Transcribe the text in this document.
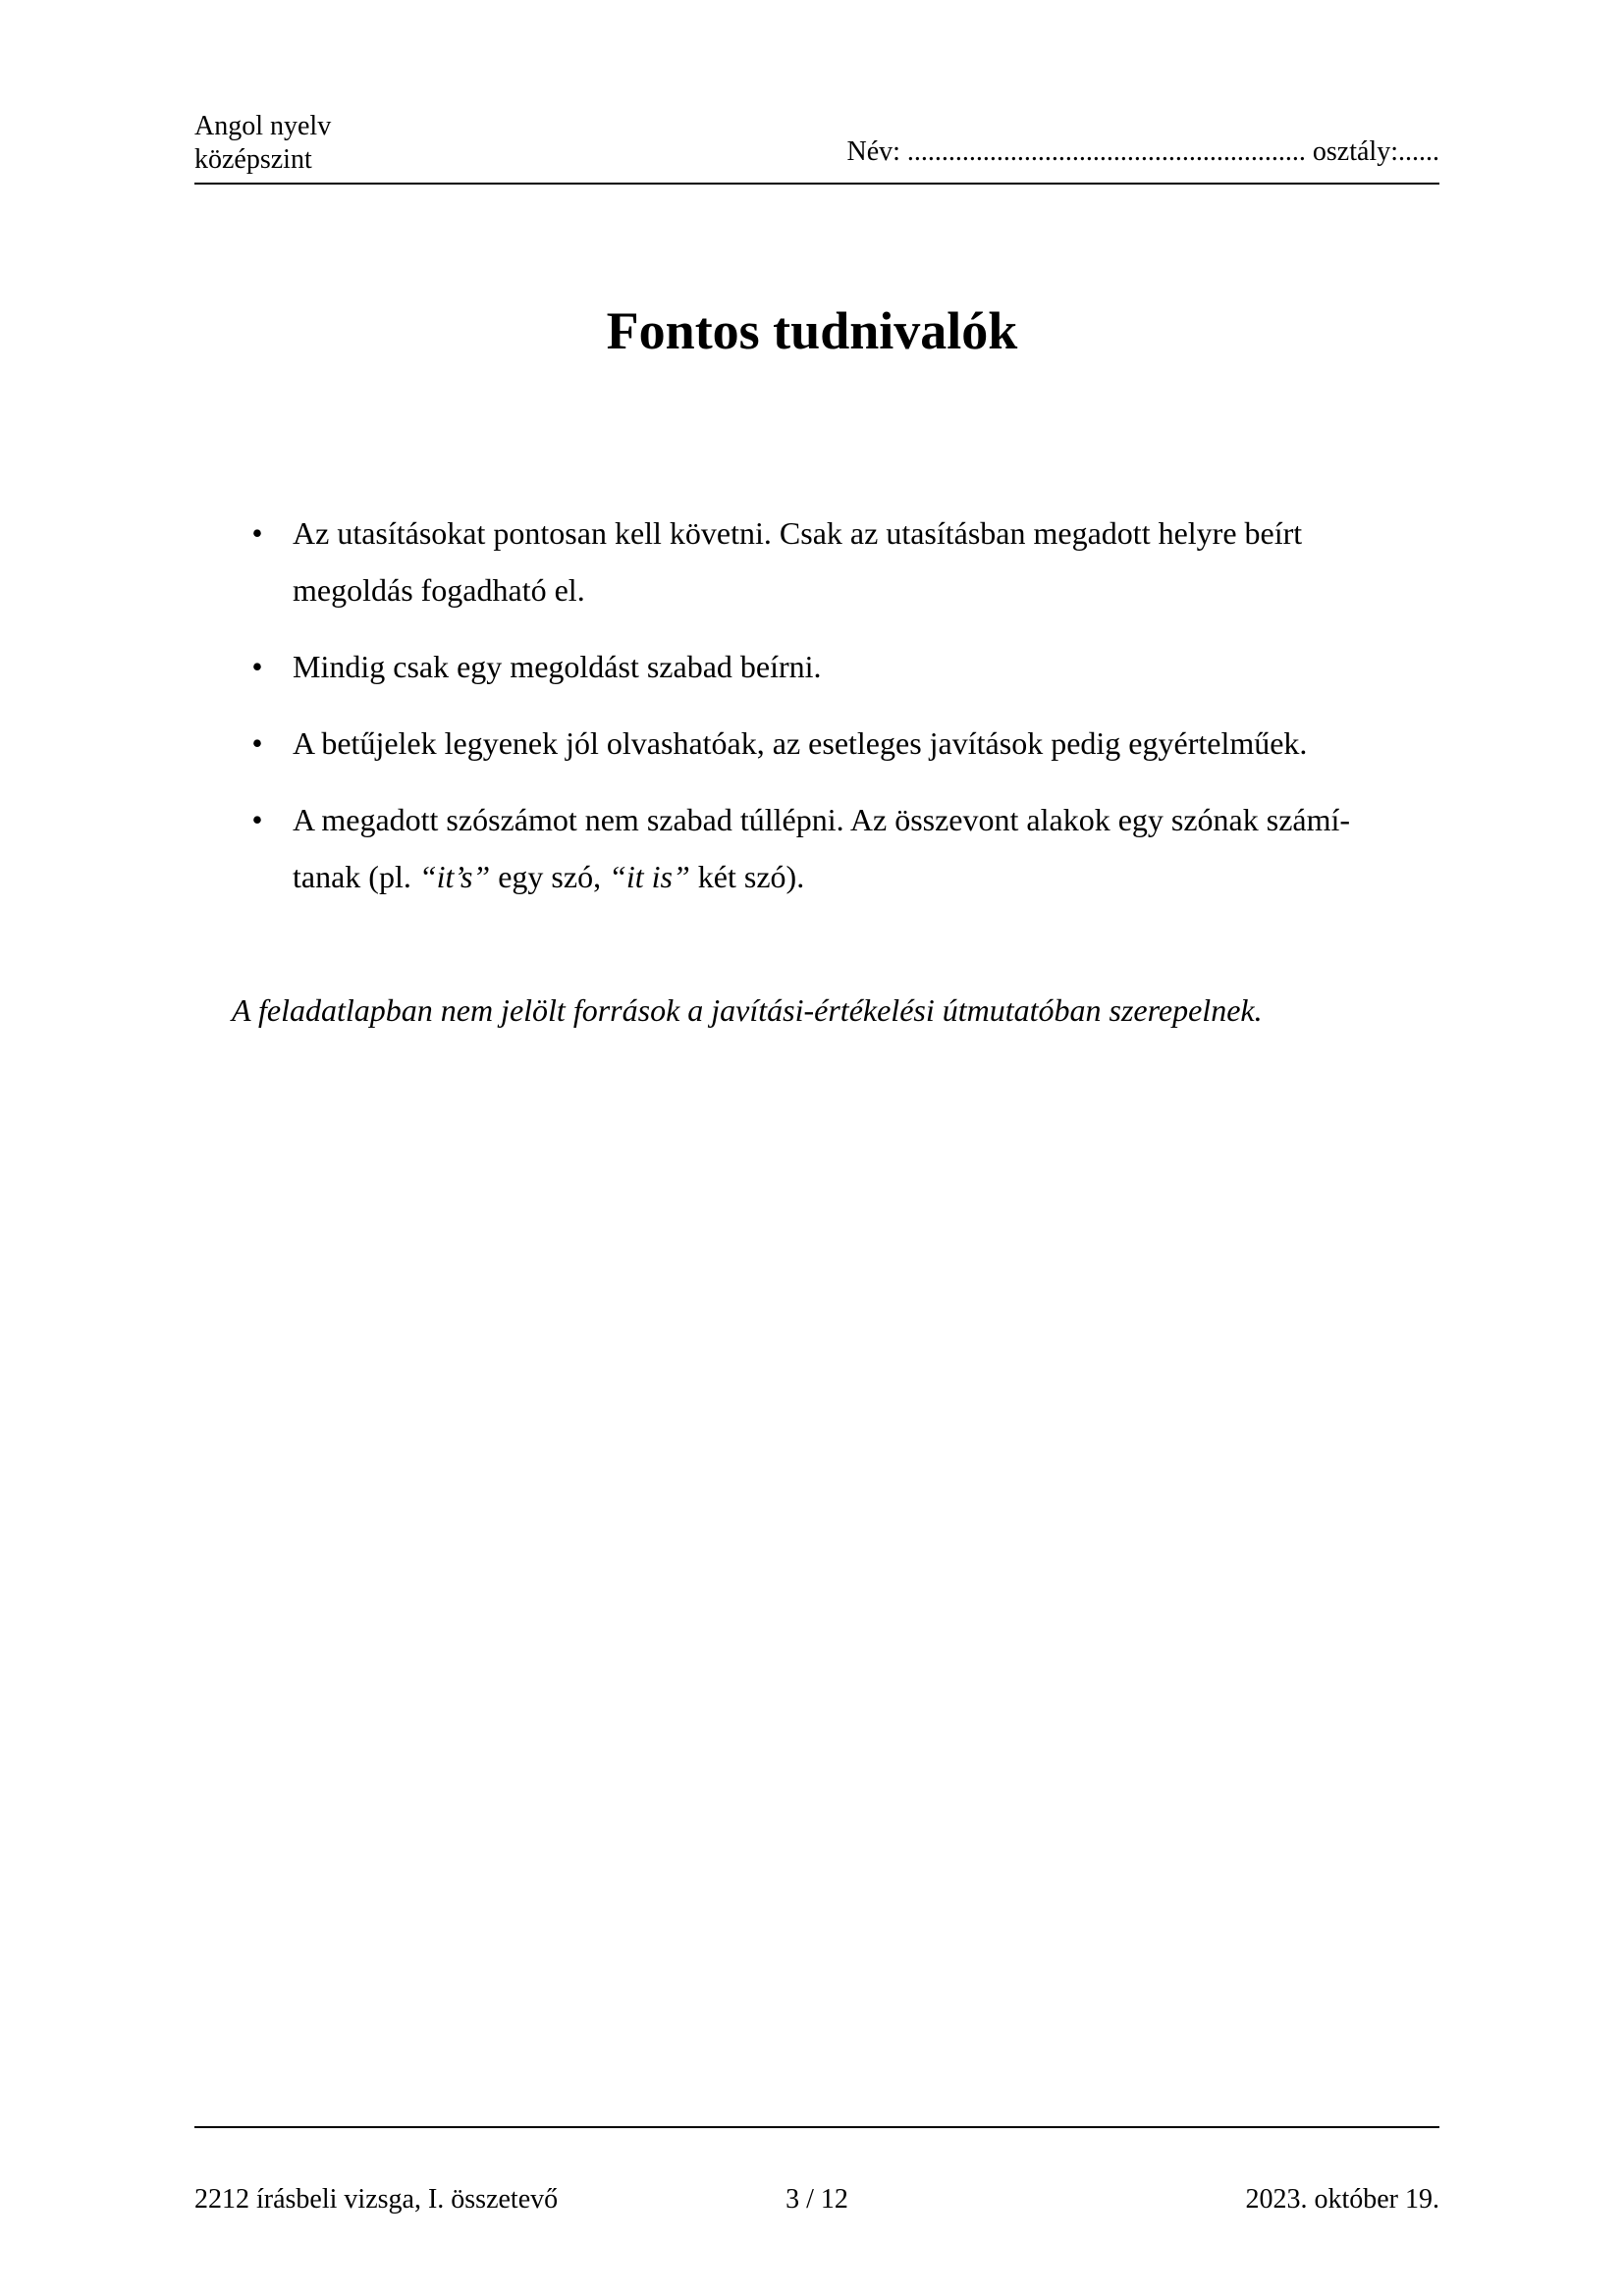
Angol nyelv
középszint	Név: .......................................................... osztály:......
Fontos tudnivalók
• Az utasításokat pontosan kell követni. Csak az utasításban megadott helyre beírt
megoldás fogadható el.
• Mindig csak egy megoldást szabad beírni.
• A betűjelek legyenek jól olvashatóak, az esetleges javítások pedig egyértelműek.
• A megadott szószámot nem szabad túllépni. Az összevont alakok egy szónak számí-
tanak (pl. “it’s” egy szó, “it is” két szó).
A feladatlapban nem jelölt források a javítási-értékelési útmutatóban szerepelnek.
2212 írásbeli vizsga, I. összetevő	3 / 12	2023. október 19.
